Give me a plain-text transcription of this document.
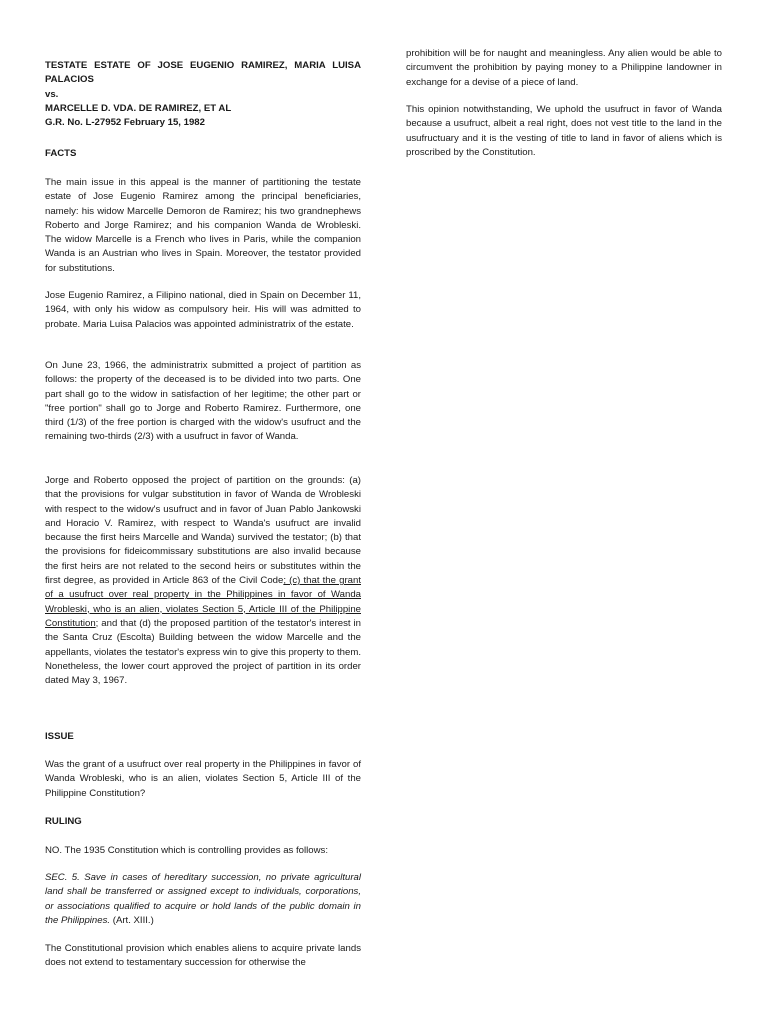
TESTATE ESTATE OF JOSE EUGENIO RAMIREZ, MARIA LUISA PALACIOS

vs.

MARCELLE D. VDA. DE RAMIREZ, ET AL

G.R. No. L-27952 February 15, 1982

FACTS

The main issue in this appeal is the manner of partitioning the testate estate of Jose Eugenio Ramirez among the principal beneficiaries, namely: his widow Marcelle Demoron de Ramirez; his two grandnephews Roberto and Jorge Ramirez; and his companion Wanda de Wrobleski. The widow Marcelle is a French who lives in Paris, while the companion Wanda is an Austrian who lives in Spain. Moreover, the testator provided for substitutions.

Jose Eugenio Ramirez, a Filipino national, died in Spain on December 11, 1964, with only his widow as compulsory heir. His will was admitted to probate. Maria Luisa Palacios was appointed administratrix of the estate.

On June 23, 1966, the administratrix submitted a project of partition as follows: the property of the deceased is to be divided into two parts. One part shall go to the widow in satisfaction of her legitime; the other part or "free portion" shall go to Jorge and Roberto Ramirez. Furthermore, one third (1/3) of the free portion is charged with the widow's usufruct and the remaining two-thirds (2/3) with a usufruct in favor of Wanda.

Jorge and Roberto opposed the project of partition on the grounds: (a) that the provisions for vulgar substitution in favor of Wanda de Wrobleski with respect to the widow's usufruct and in favor of Juan Pablo Jankowski and Horacio V. Ramirez, with respect to Wanda's usufruct are invalid because the first heirs Marcelle and Wanda) survived the testator; (b) that the provisions for fideicommissary substitutions are also invalid because the first heirs are not related to the second heirs or substitutes within the first degree, as provided in Article 863 of the Civil Code; (c) that the grant of a usufruct over real property in the Philippines in favor of Wanda Wrobleski, who is an alien, violates Section 5, Article III of the Philippine Constitution; and that (d) the proposed partition of the testator's interest in the Santa Cruz (Escolta) Building between the widow Marcelle and the appellants, violates the testator's express win to give this property to them. Nonetheless, the lower court approved the project of partition in its order dated May 3, 1967.

ISSUE

Was the grant of a usufruct over real property in the Philippines in favor of Wanda Wrobleski, who is an alien, violates Section 5, Article III of the Philippine Constitution?

RULING

NO. The 1935 Constitution which is controlling provides as follows:

SEC. 5. Save in cases of hereditary succession, no private agricultural land shall be transferred or assigned except to individuals, corporations, or associations qualified to acquire or hold lands of the public domain in the Philippines. (Art. XIII.)

The Constitutional provision which enables aliens to acquire private lands does not extend to testamentary succession for otherwise the

This opinion notwithstanding, We uphold the usufruct in favor of Wanda because a usufruct, albeit a real right, does not vest title to the land in the usufructuary and it is the vesting of title to land in favor of aliens which is proscribed by the Constitution.

prohibition will be for naught and meaningless. Any alien would be able to circumvent the prohibition by paying money to a Philippine landowner in exchange for a devise of a piece of land.
